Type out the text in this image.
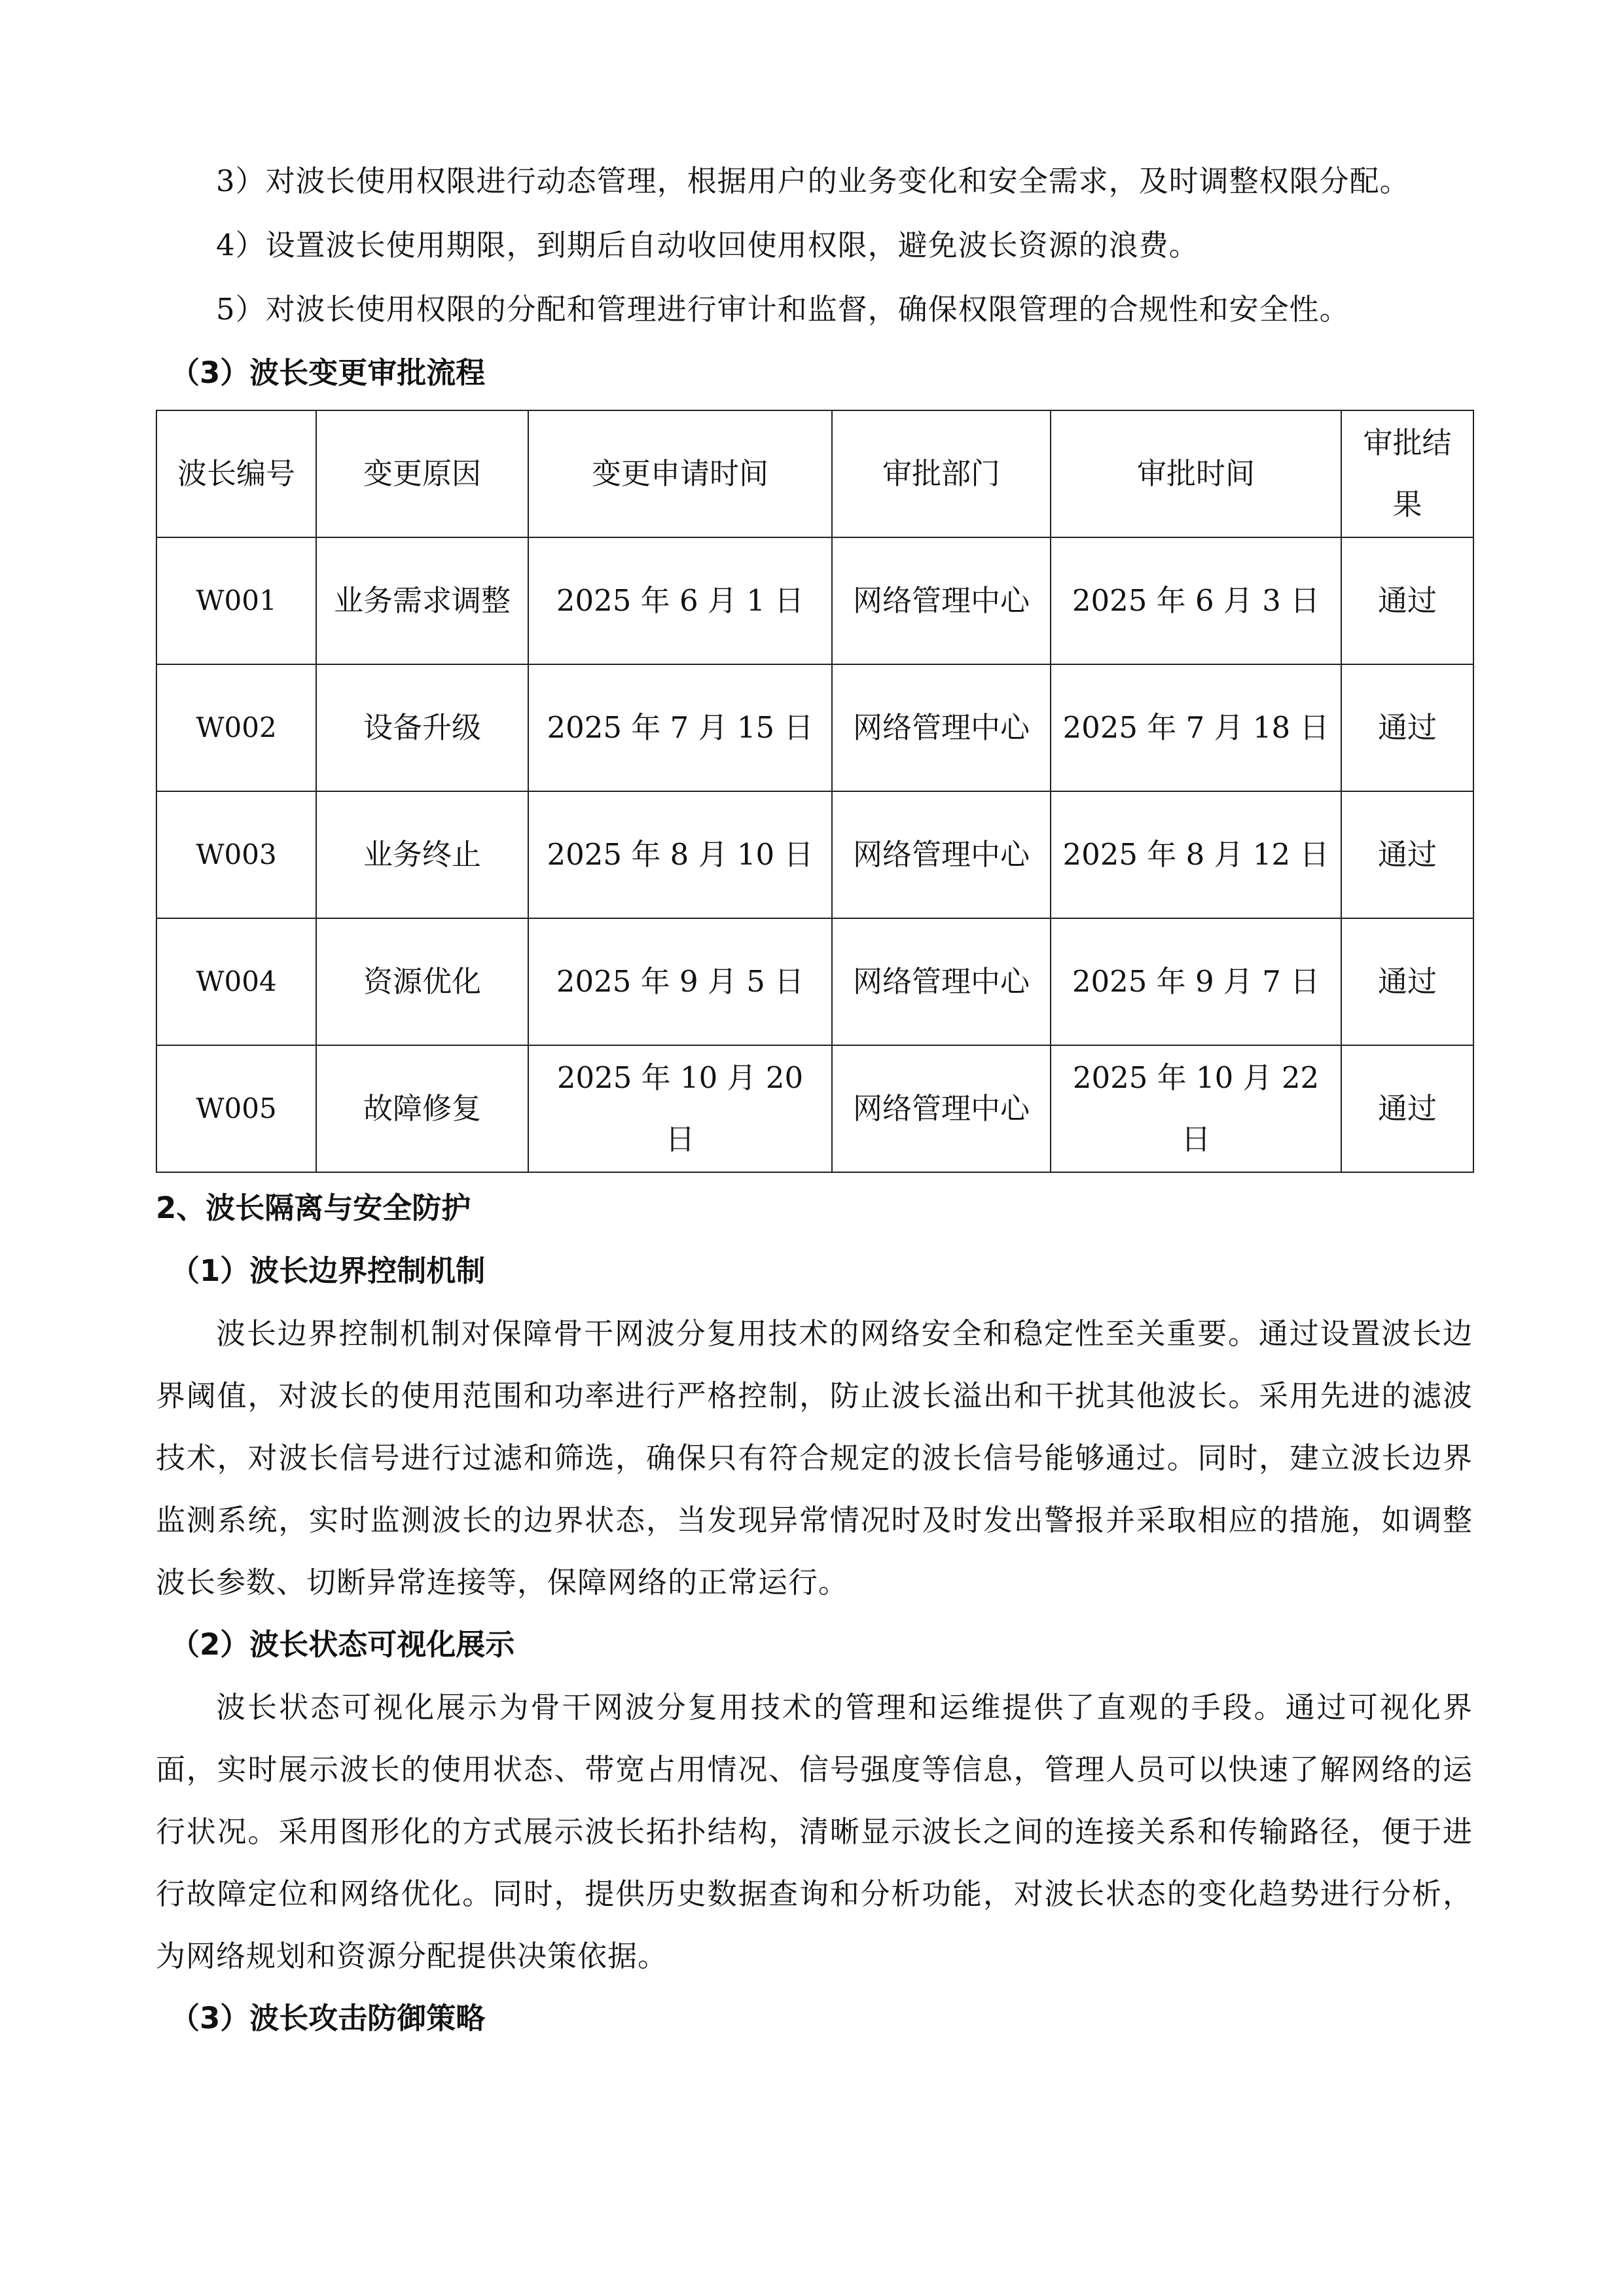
3）对波长使用权限进行动态管理，根据用户的业务变化和安全需求，及时调整权限分配。

4）设置波长使用期限，到期后自动收回使用权限，避免波长资源的浪费。

5）对波长使用权限的分配和管理进行审计和监督，确保权限管理的合规性和安全性。

（3）波长变更审批流程

波长编号	变更原因	变更申请时间	审批部门	审批时间	审批结果
W001	业务需求调整	2025 年 6 月 1 日	网络管理中心	2025 年 6 月 3 日	通过
W002	设备升级	2025 年 7 月 15 日	网络管理中心	2025 年 7 月 18 日	通过
W003	业务终止	2025 年 8 月 10 日	网络管理中心	2025 年 8 月 12 日	通过
W004	资源优化	2025 年 9 月 5 日	网络管理中心	2025 年 9 月 7 日	通过
W005	故障修复	2025 年 10 月 20 日	网络管理中心	2025 年 10 月 22 日	通过

2、波长隔离与安全防护

（1）波长边界控制机制

波长边界控制机制对保障骨干网波分复用技术的网络安全和稳定性至关重要。通过设置波长边界阈值，对波长的使用范围和功率进行严格控制，防止波长溢出和干扰其他波长。采用先进的滤波技术，对波长信号进行过滤和筛选，确保只有符合规定的波长信号能够通过。同时，建立波长边界监测系统，实时监测波长的边界状态，当发现异常情况时及时发出警报并采取相应的措施，如调整波长参数、切断异常连接等，保障网络的正常运行。

（2）波长状态可视化展示

波长状态可视化展示为骨干网波分复用技术的管理和运维提供了直观的手段。通过可视化界面，实时展示波长的使用状态、带宽占用情况、信号强度等信息，管理人员可以快速了解网络的运行状况。采用图形化的方式展示波长拓扑结构，清晰显示波长之间的连接关系和传输路径，便于进行故障定位和网络优化。同时，提供历史数据查询和分析功能，对波长状态的变化趋势进行分析，为网络规划和资源分配提供决策依据。

（3）波长攻击防御策略
